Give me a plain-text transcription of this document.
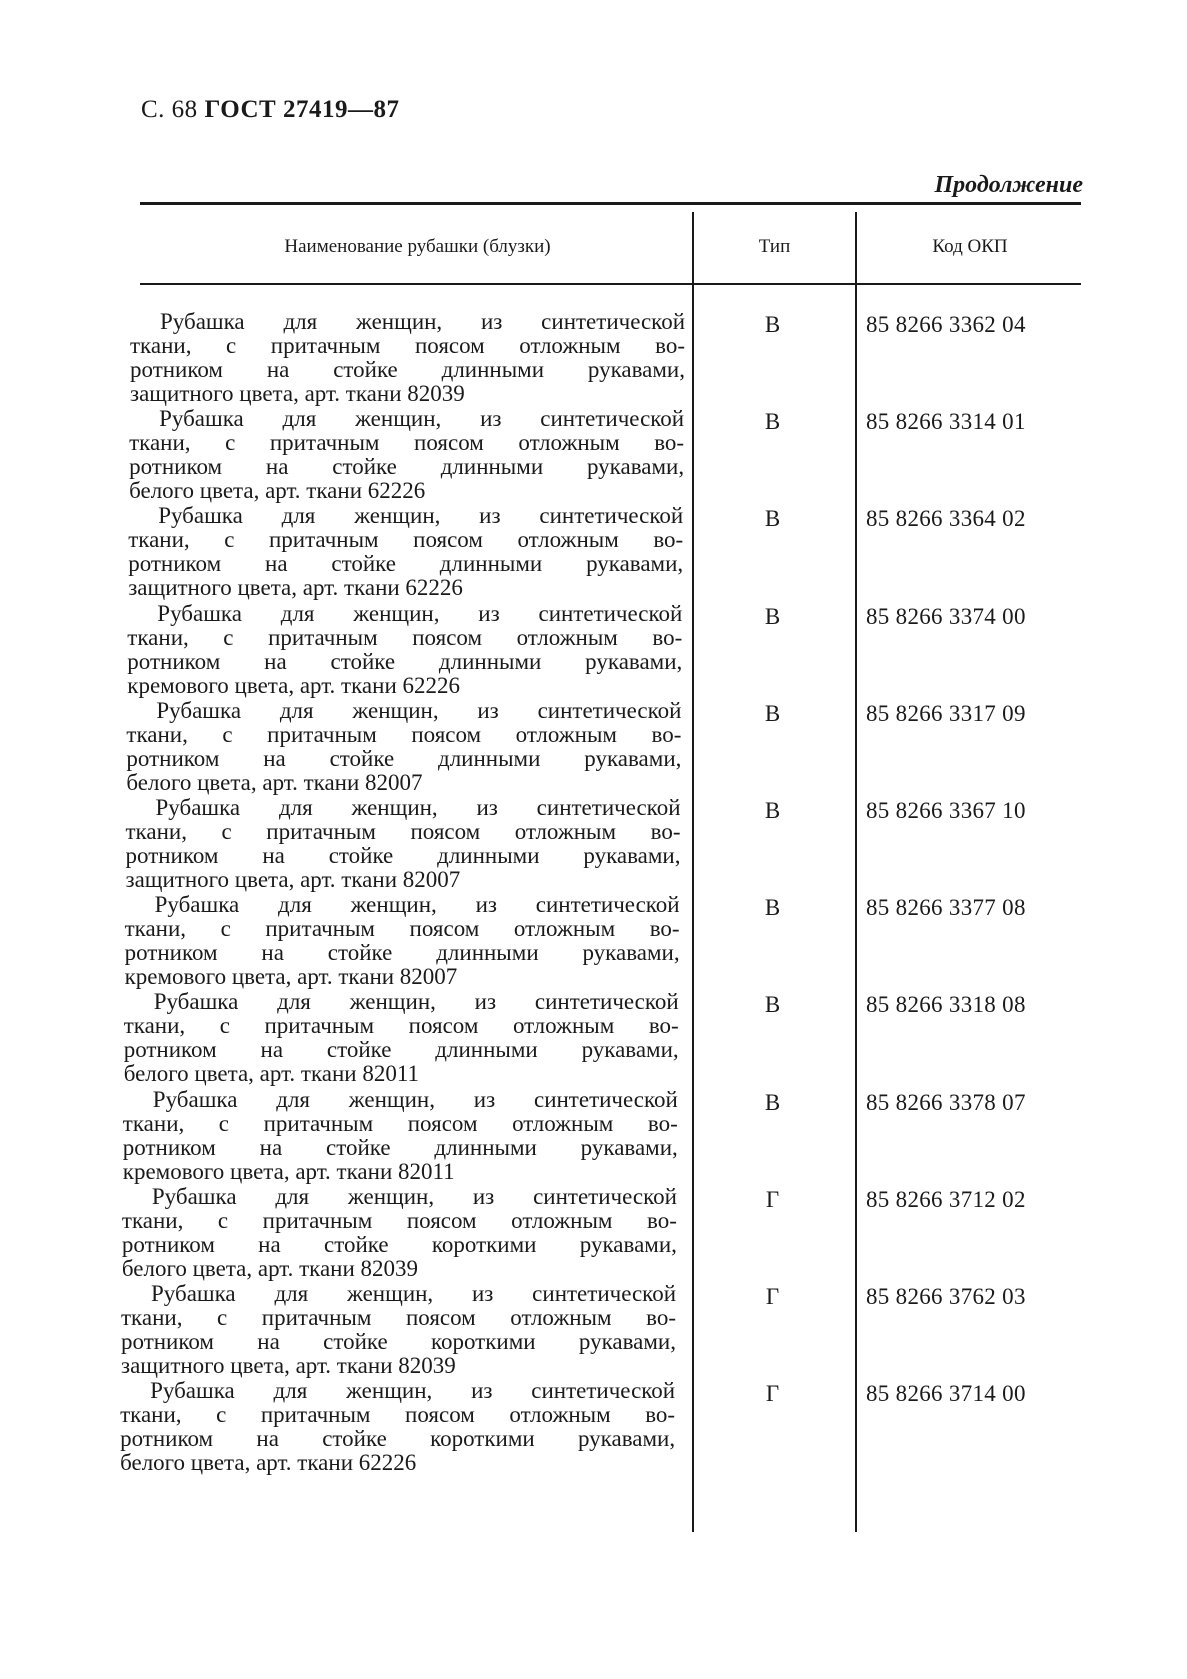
С. 68 ГОСТ 27419—87
Продолжение
Наименование рубашки (блузки)	Тип	Код ОКП
Рубашка для женщин, из синтетической
ткани, с притачным поясом отложным во-
ротником на стойке длинными рукавами,
защитного цвета, арт. ткани 82039
В	85 8266 3362 04
Рубашка для женщин, из синтетической
ткани, с притачным поясом отложным во-
ротником на стойке длинными рукавами,
белого цвета, арт. ткани 62226
В	85 8266 3314 01
Рубашка для женщин, из синтетической
ткани, с притачным поясом отложным во-
ротником на стойке длинными рукавами,
защитного цвета, арт. ткани 62226
В	85 8266 3364 02
Рубашка для женщин, из синтетической
ткани, с притачным поясом отложным во-
ротником на стойке длинными рукавами,
кремового цвета, арт. ткани 62226
В	85 8266 3374 00
Рубашка для женщин, из синтетической
ткани, с притачным поясом отложным во-
ротником на стойке длинными рукавами,
белого цвета, арт. ткани 82007
В	85 8266 3317 09
Рубашка для женщин, из синтетической
ткани, с притачным поясом отложным во-
ротником на стойке длинными рукавами,
защитного цвета, арт. ткани 82007
В	85 8266 3367 10
Рубашка для женщин, из синтетической
ткани, с притачным поясом отложным во-
ротником на стойке длинными рукавами,
кремового цвета, арт. ткани 82007
В	85 8266 3377 08
Рубашка для женщин, из синтетической
ткани, с притачным поясом отложным во-
ротником на стойке длинными рукавами,
белого цвета, арт. ткани 82011
В	85 8266 3318 08
Рубашка для женщин, из синтетической
ткани, с притачным поясом отложным во-
ротником на стойке длинными рукавами,
кремового цвета, арт. ткани 82011
В	85 8266 3378 07
Рубашка для женщин, из синтетической
ткани, с притачным поясом отложным во-
ротником на стойке короткими рукавами,
белого цвета, арт. ткани 82039
Г	85 8266 3712 02
Рубашка для женщин, из синтетической
ткани, с притачным поясом отложным во-
ротником на стойке короткими рукавами,
защитного цвета, арт. ткани 82039
Г	85 8266 3762 03
Рубашка для женщин, из синтетической
ткани, с притачным поясом отложным во-
ротником на стойке короткими рукавами,
белого цвета, арт. ткани 62226
Г	85 8266 3714 00
